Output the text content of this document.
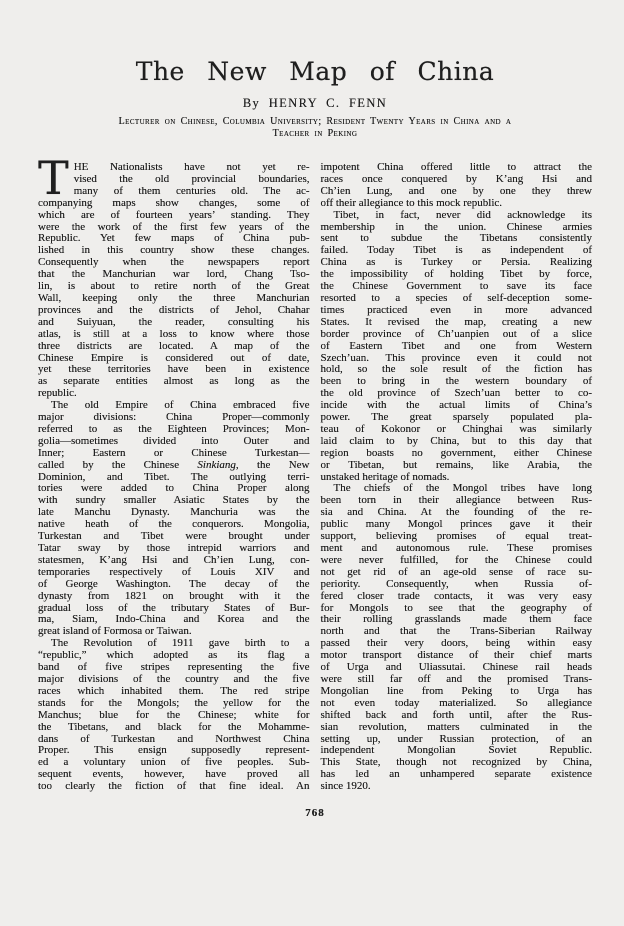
The New Map of China
By HENRY C. FENN
Lecturer on Chinese, Columbia University; Resident Twenty Years in China and a
Teacher in Peking
T HE Nationalists have not yet re-
vised the old provincial boundaries,
many of them centuries old. The ac-
companying maps show changes, some of
which are of fourteen years’ standing. They
were the work of the first few years of the
Republic. Yet few maps of China pub-
lished in this country show these changes.
Consequently when the newspapers report
that the Manchurian war lord, Chang Tso-
lin, is about to retire north of the Great
Wall, keeping only the three Manchurian
provinces and the districts of Jehol, Chahar
and Suiyuan, the reader, consulting his
atlas, is still at a loss to know where those
three districts are located. A map of the
Chinese Empire is considered out of date,
yet these territories have been in existence
as separate entities almost as long as the
republic.
The old Empire of China embraced five
major divisions: China Proper—commonly
referred to as the Eighteen Provinces; Mon-
golia—sometimes divided into Outer and
Inner; Eastern or Chinese Turkestan—
called by the Chinese Sinkiang, the New
Dominion, and Tibet. The outlying terri-
tories were added to China Proper along
with sundry smaller Asiatic States by the
late Manchu Dynasty. Manchuria was the
native heath of the conquerors. Mongolia,
Turkestan and Tibet were brought under
Tatar sway by those intrepid warriors and
statesmen, K’ang Hsi and Ch’ien Lung, con-
temporaries respectively of Louis XIV and
of George Washington. The decay of the
dynasty from 1821 on brought with it the
gradual loss of the tributary States of Bur-
ma, Siam, Indo-China and Korea and the
great island of Formosa or Taiwan.
The Revolution of 1911 gave birth to a
“republic,” which adopted as its flag a
band of five stripes representing the five
major divisions of the country and the five
races which inhabited them. The red stripe
stands for the Mongols; the yellow for the
Manchus; blue for the Chinese; white for
the Tibetans, and black for the Mohamme-
dans of Turkestan and Northwest China
Proper. This ensign supposedly represent-
ed a voluntary union of five peoples. Sub-
sequent events, however, have proved all
too clearly the fiction of that fine ideal. An
impotent China offered little to attract the
races once conquered by K’ang Hsi and
Ch’ien Lung, and one by one they threw
off their allegiance to this mock republic.
Tibet, in fact, never did acknowledge its
membership in the union. Chinese armies
sent to subdue the Tibetans consistently
failed. Today Tibet is as independent of
China as is Turkey or Persia. Realizing
the impossibility of holding Tibet by force,
the Chinese Government to save its face
resorted to a species of self-deception some-
times practiced even in more advanced
States. It revised the map, creating a new
border province of Ch’uanpien out of a slice
of Eastern Tibet and one from Western
Szech’uan. This province even it could not
hold, so the sole result of the fiction has
been to bring in the western boundary of
the old province of Szech’uan better to co-
incide with the actual limits of China’s
power. The great sparsely populated pla-
teau of Kokonor or Chinghai was similarly
laid claim to by China, but to this day that
region boasts no government, either Chinese
or Tibetan, but remains, like Arabia, the
unstaked heritage of nomads.
The chiefs of the Mongol tribes have long
been torn in their allegiance between Rus-
sia and China. At the founding of the re-
public many Mongol princes gave it their
support, believing promises of equal treat-
ment and autonomous rule. These promises
were never fulfilled, for the Chinese could
not get rid of an age-old sense of race su-
periority. Consequently, when Russia of-
fered closer trade contacts, it was very easy
for Mongols to see that the geography of
their rolling grasslands made them face
north and that the Trans-Siberian Railway
passed their very doors, being within easy
motor transport distance of their chief marts
of Urga and Uliassutai. Chinese rail heads
were still far off and the promised Trans-
Mongolian line from Peking to Urga has
not even today materialized. So allegiance
shifted back and forth until, after the Rus-
sian revolution, matters culminated in the
setting up, under Russian protection, of an
independent Mongolian Soviet Republic.
This State, though not recognized by China,
has led an unhampered separate existence
since 1920.
768
